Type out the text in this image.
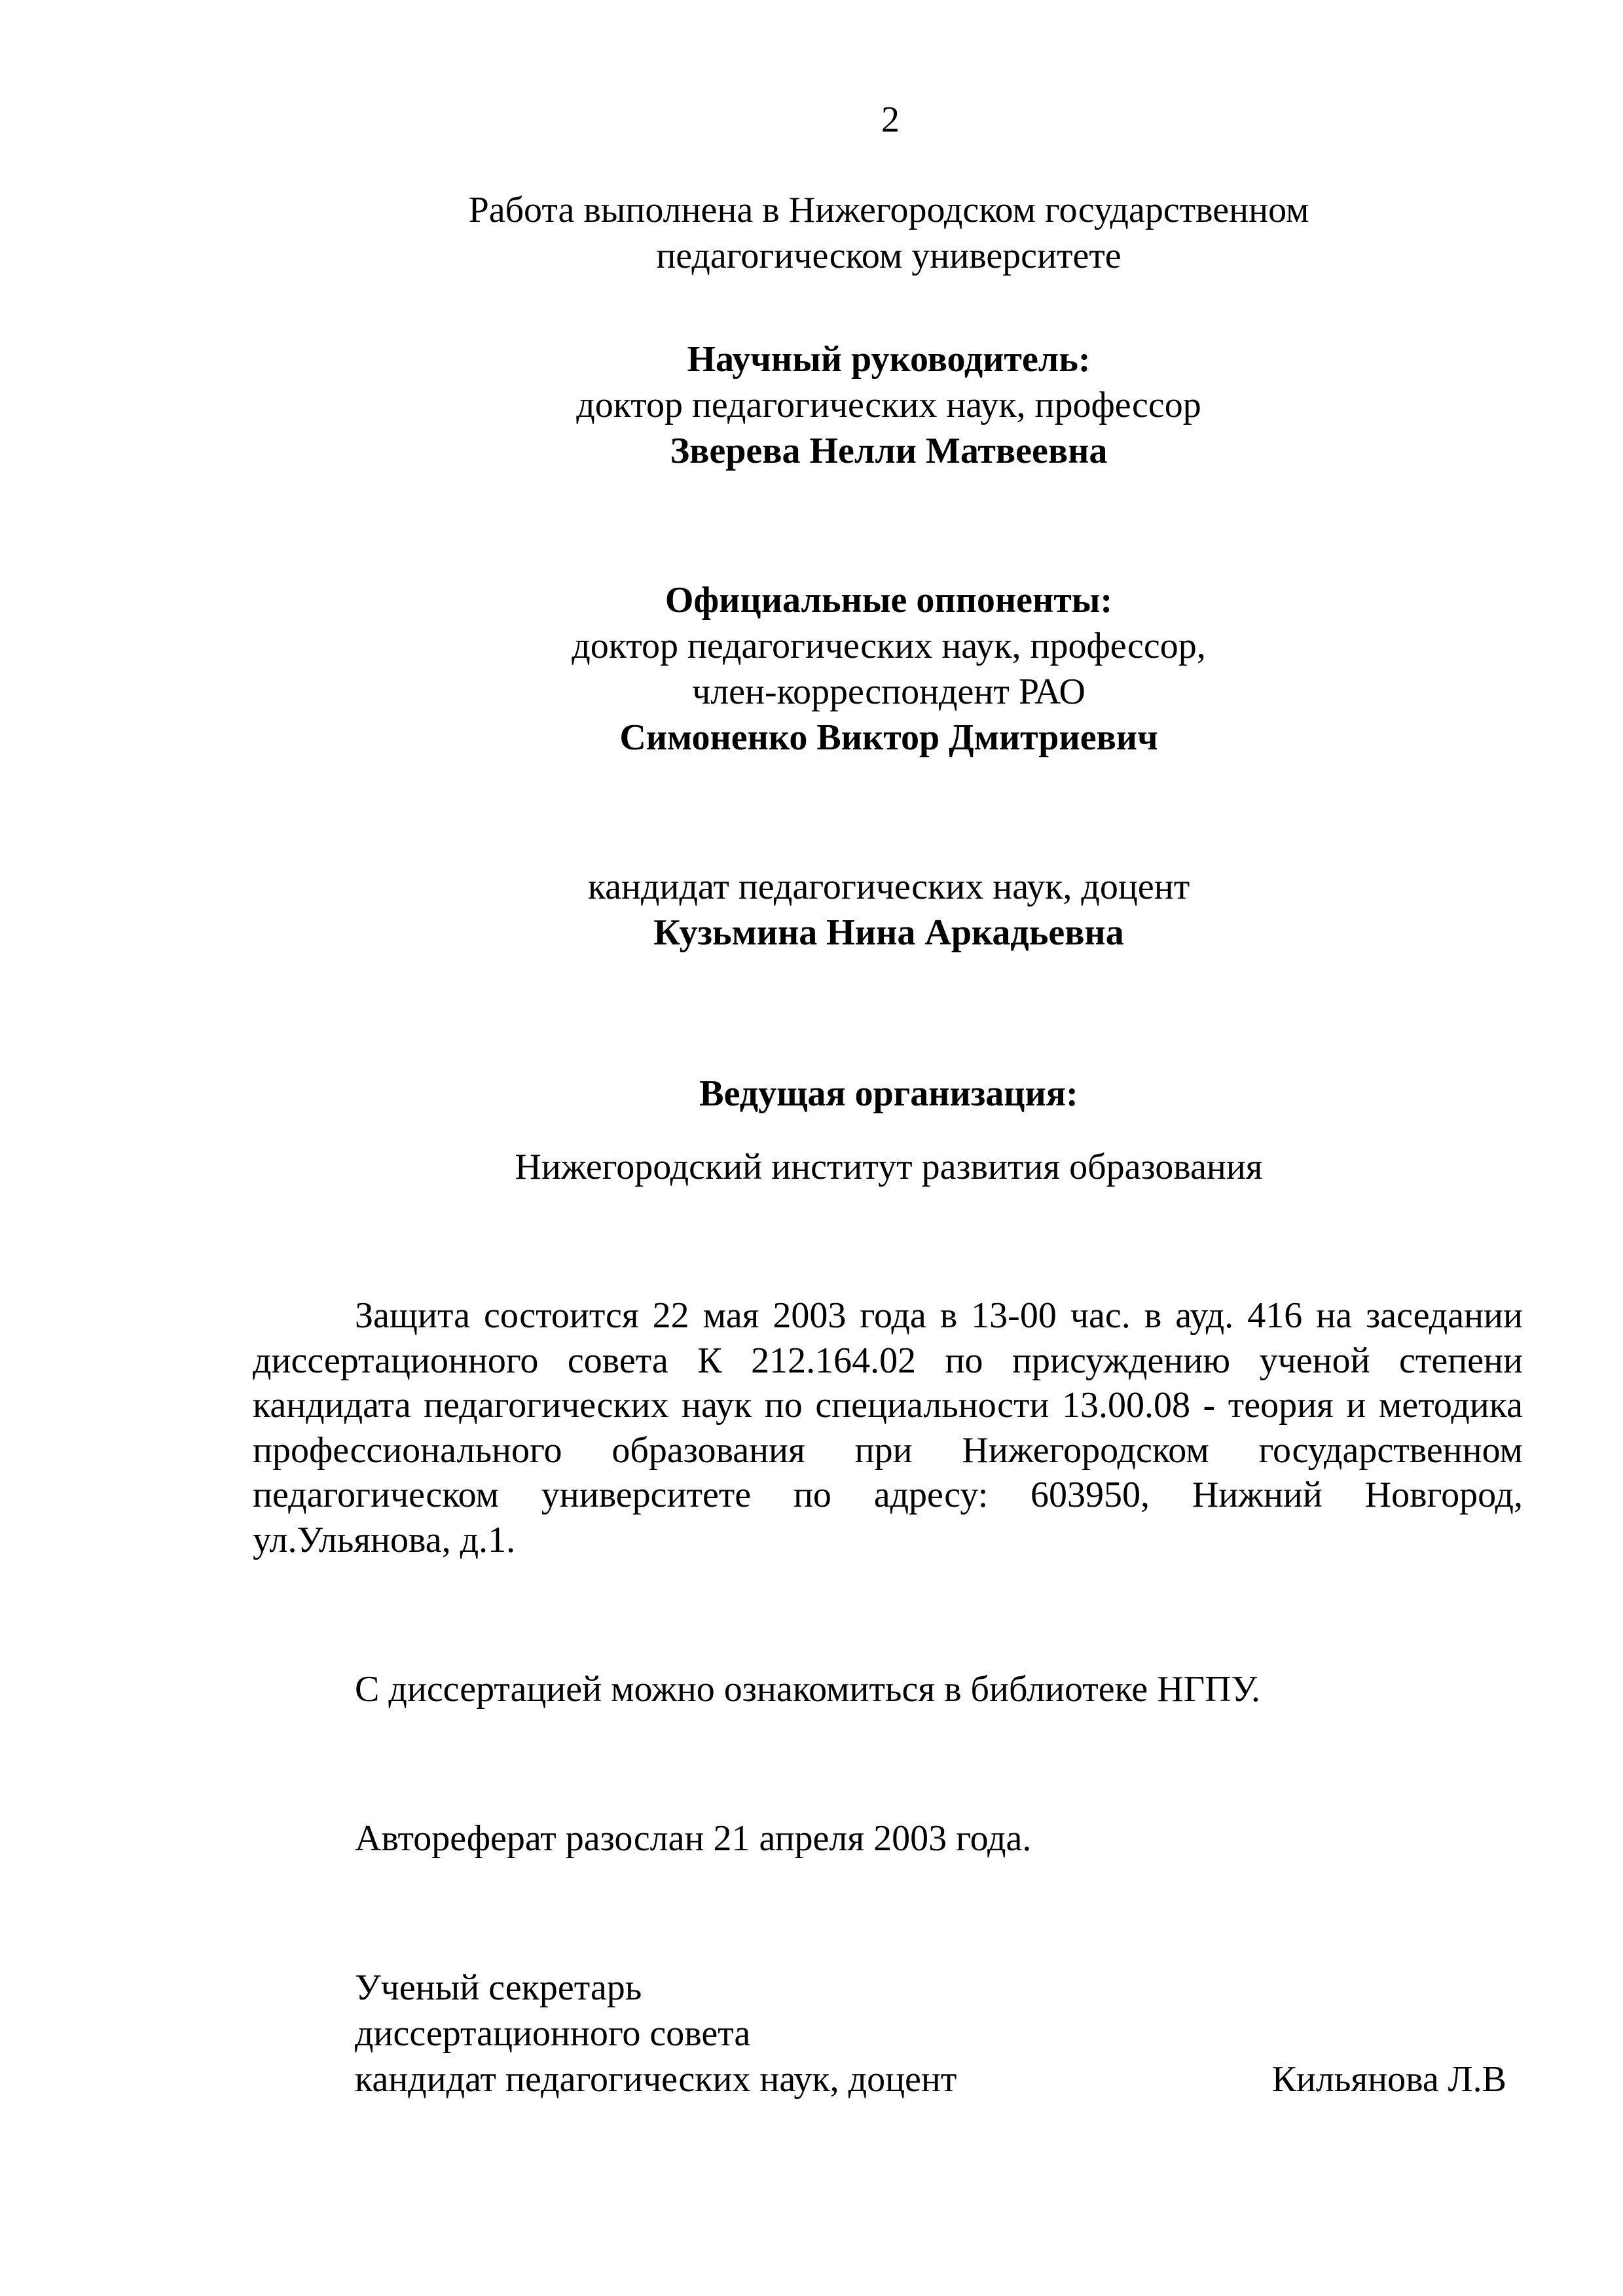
2
Работа выполнена в Нижегородском государственном
педагогическом университете
Научный руководитель:
доктор педагогических наук, профессор
Зверева Нелли Матвеевна
Официальные оппоненты:
доктор педагогических наук, профессор,
член-корреспондент РАО
Симоненко Виктор Дмитриевич
кандидат педагогических наук, доцент
Кузьмина Нина Аркадьевна
Ведущая организация:
Нижегородский институт развития образования

Защита состоится 22 мая 2003 года в 13-00 час. в ауд. 416 на заседании диссертационного совета К 212.164.02 по присуждению ученой степени кандидата педагогических наук по специальности 13.00.08 - теория и методика профессионального образования при Нижегородском государственном педагогическом университете по адресу: 603950, Нижний Новгород, ул.Ульянова, д.1.

С диссертацией можно ознакомиться в библиотеке НГПУ.
Автореферат разослан 21 апреля 2003 года.
Ученый секретарь
диссертационного совета
кандидат педагогических наук, доцент	Кильянова Л.В
